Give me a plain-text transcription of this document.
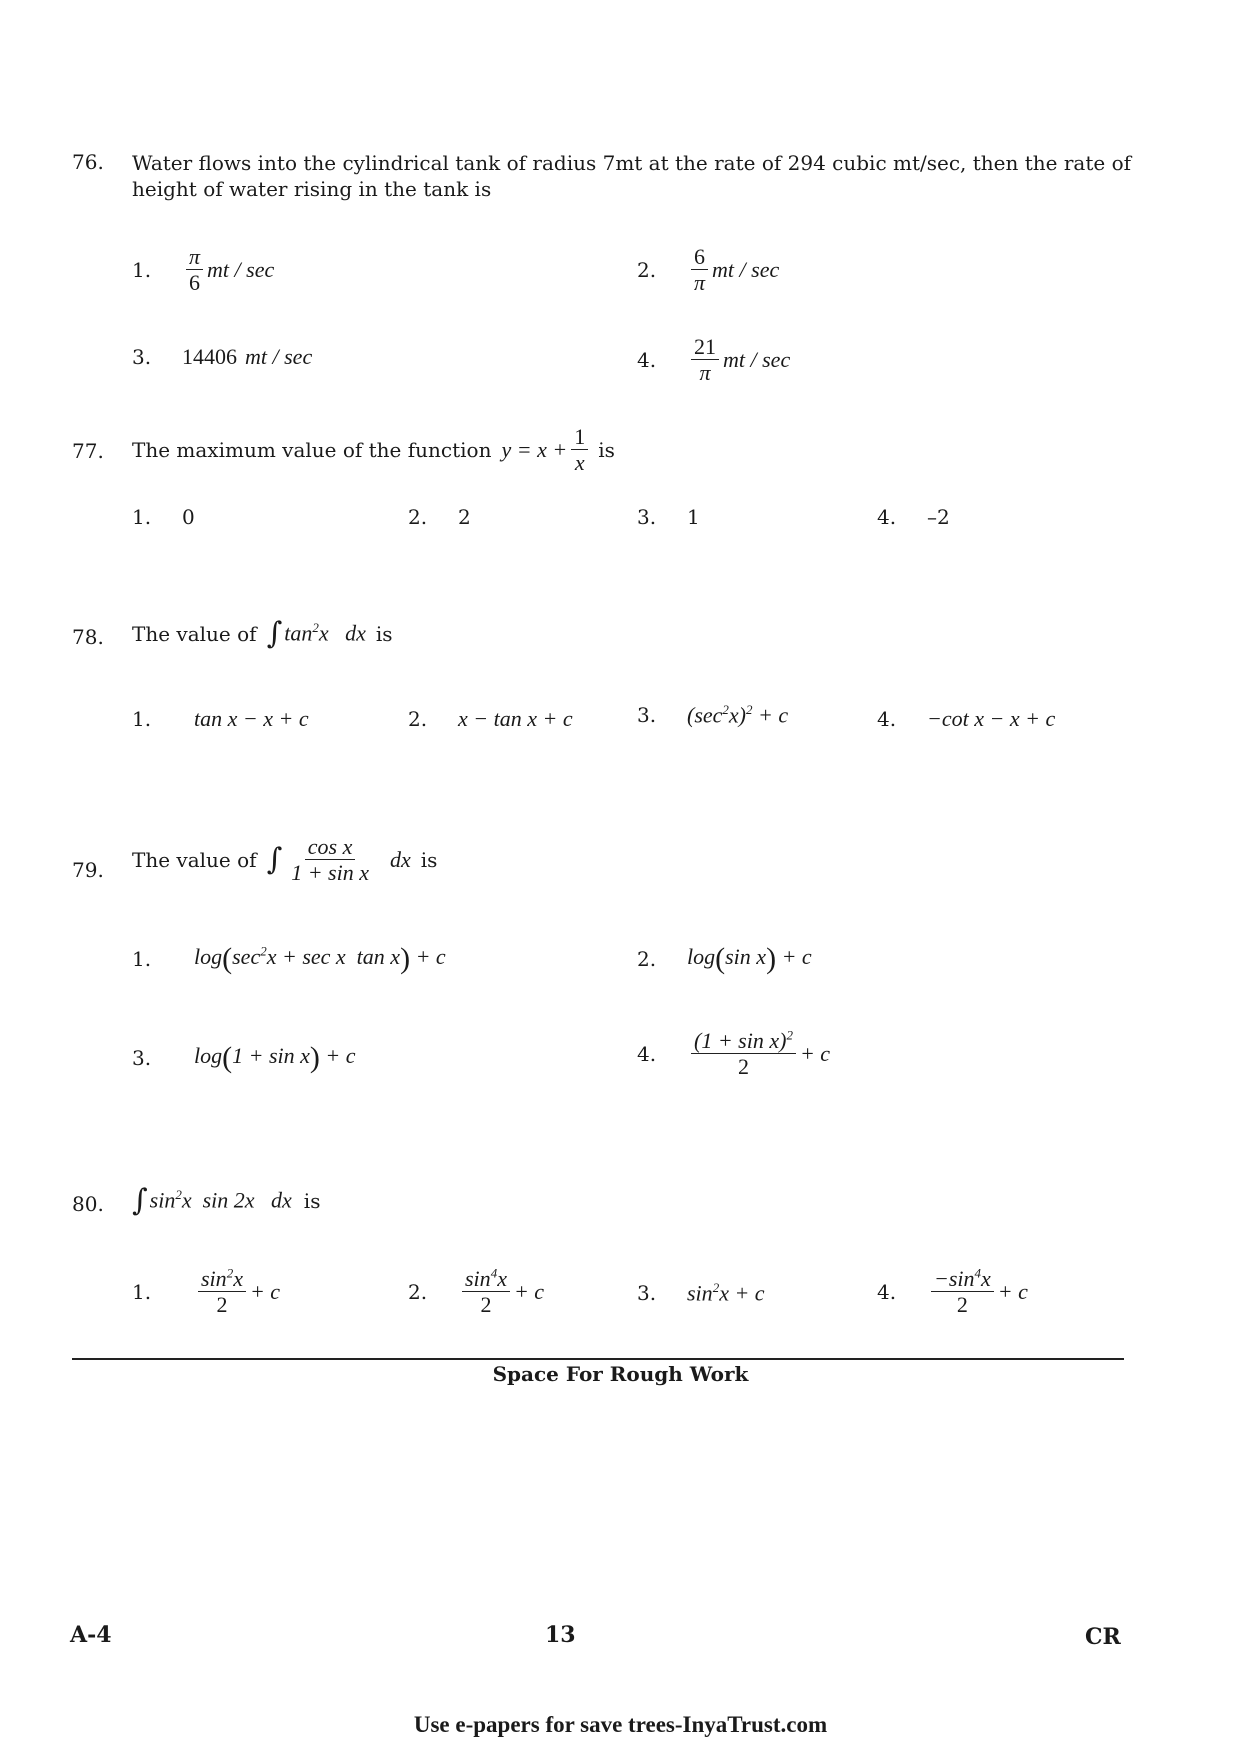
76. Water flows into the cylindrical tank of radius 7mt at the rate of 294 cubic mt/sec, then the rate of
height of water rising in the tank is
1.	$\frac{\pi}{6}$ mt / sec	2.	$\frac{6}{\pi}$ mt / sec
3.	14406 mt / sec	4.	$\frac{21}{\pi}$ mt / sec
77. The maximum value of the function $y = x + \frac{1}{x}$ is
1.	0	2.	2	3.	1	4.	–2
78. The value of ∫ $\tan^2x$   dx is
1.	tan x − x + c	2.	x − tan x + c	3.	$(\sec^2x)^2 + c$	4.	−cot x − x + c
79. The value of ∫ $\frac{\text{cos x}}{\text{1 + sin x}}$ dx is
1.	$\log(\sec^2x + \sec x$  tan x) + c	2.	log(sin x) + c
3.	log(1 + sin x) + c	4.	$\frac{(1 + \sin x)^2}{2} + c$
80. ∫ $\sin^2x$  sin 2x   dx is
1.	$\frac{\sin^2x}{2} + c$	2.	$\frac{\sin^4x}{2} + c$	3.	$\sin^2x + c$	4.	$\frac{-\sin^4x}{2} + c$
Space For Rough Work
A-4	13	CR
Use e-papers for save trees-InyaTrust.com
